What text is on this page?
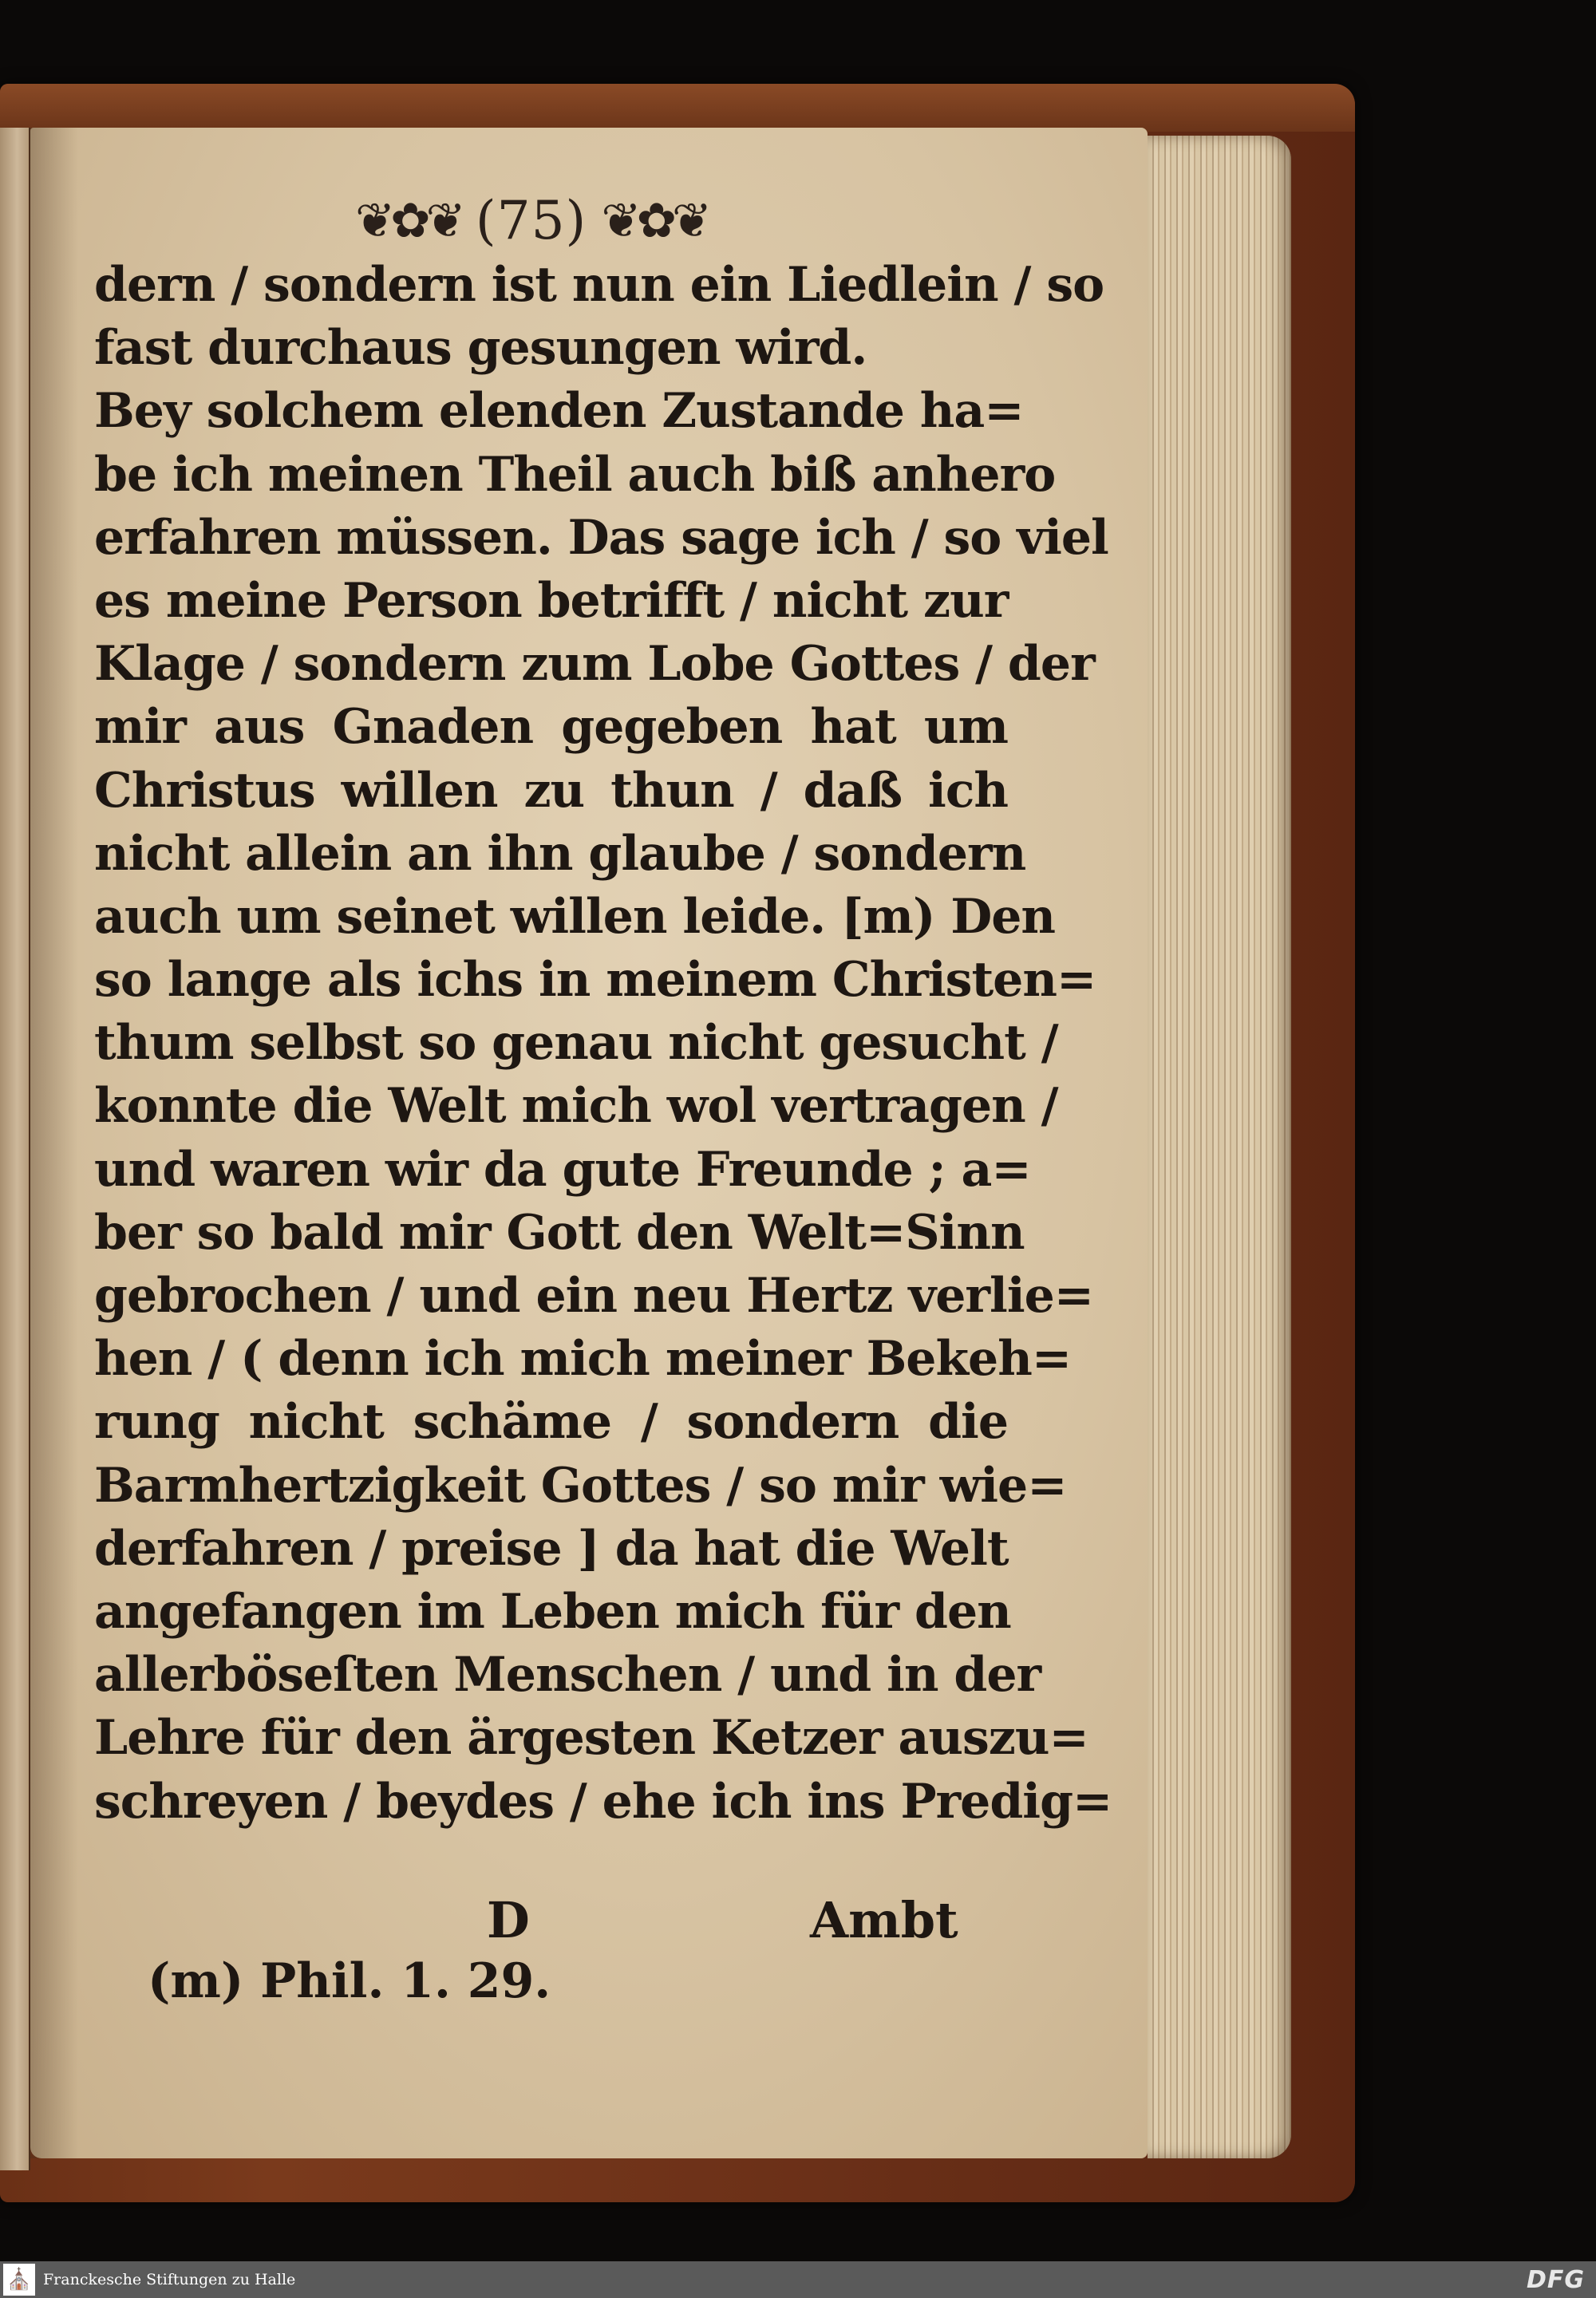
❦✿❦ (75) ❦✿❦
dern / sondern ist nun ein Liedlein / so
fast durchaus gesungen wird.
Bey solchem elenden Zustande ha=
be ich meinen Theil auch biß anhero
erfahren müssen. Das sage ich / so viel
es meine Person betrifft / nicht zur
Klage / sondern zum Lobe Gottes / der
mir aus Gnaden gegeben hat um
Christus willen zu thun / daß ich
nicht allein an ihn glaube / sondern
auch um seinet willen leide. [m) Den
so lange als ichs in meinem Christen=
thum selbst so genau nicht gesucht /
konnte die Welt mich wol vertragen /
und waren wir da gute Freunde ; a=
ber so bald mir Gott den Welt=Sinn
gebrochen / und ein neu Hertz verlie=
hen / ( denn ich mich meiner Bekeh=
rung nicht schäme / sondern die
Barmhertzigkeit Gottes / so mir wie=
derfahren / preise ] da hat die Welt
angefangen im Leben mich für den
allerböseſten Menschen / und in der
Lehre für den ärgesten Ketzer auszu=
schreyen / beydes / ehe ich ins Predig=
D	Ambt
(m) Phil. 1. 29.
⛪ Franckesche Stiftungen zu Halle	DFG
